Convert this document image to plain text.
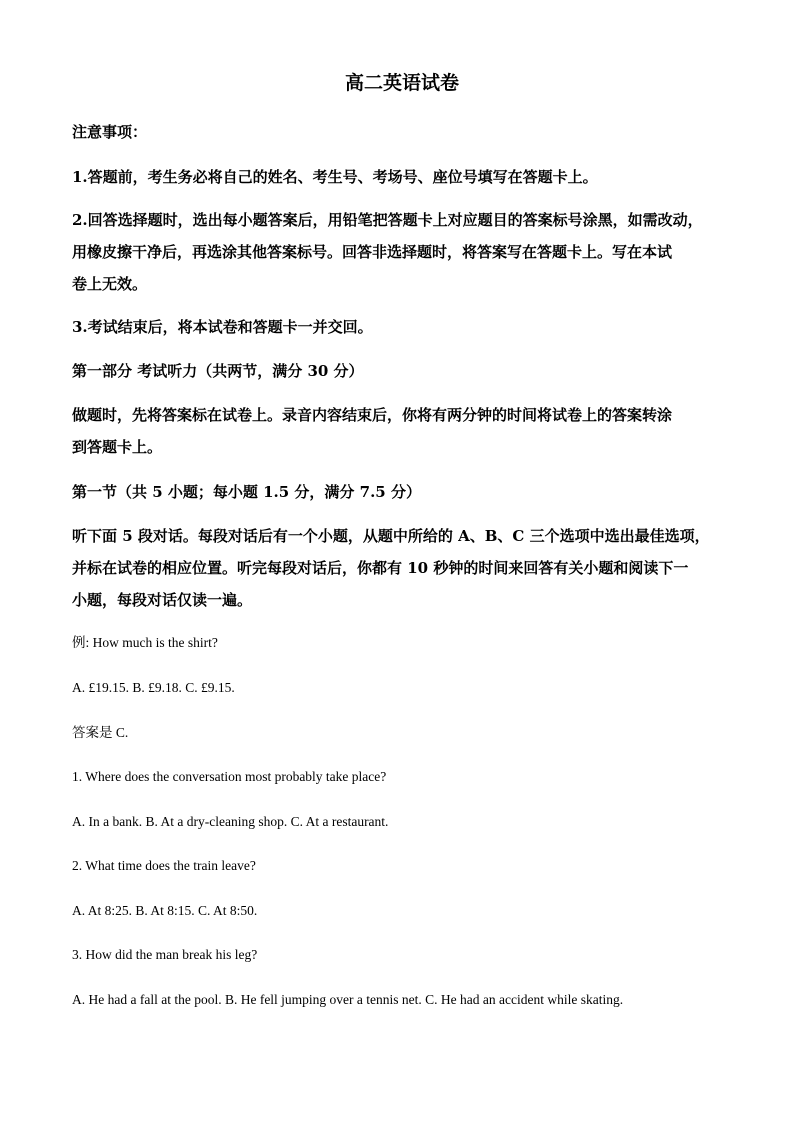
高二英语试卷
注意事项：
1.答题前，考生务必将自己的姓名、考生号、考场号、座位号填写在答题卡上。
2.回答选择题时，选出每小题答案后，用铅笔把答题卡上对应题目的答案标号涂黑，如需改动，
用橡皮擦干净后，再选涂其他答案标号。回答非选择题时，将答案写在答题卡上。写在本试
卷上无效。
3.考试结束后，将本试卷和答题卡一并交回。
第一部分 考试听力（共两节，满分 30 分）
做题时，先将答案标在试卷上。录音内容结束后，你将有两分钟的时间将试卷上的答案转涂
到答题卡上。
第一节（共 5 小题；每小题 1.5 分，满分 7.5 分）
听下面 5 段对话。每段对话后有一个小题，从题中所给的 A、B、C 三个选项中选出最佳选项，
并标在试卷的相应位置。听完每段对话后，你都有 10 秒钟的时间来回答有关小题和阅读下一
小题，每段对话仅读一遍。
例: How much is the shirt?
A. £19.15. B. £9.18. C. £9.15.
答案是 C.
1. Where does the conversation most probably take place?
A. In a bank. B. At a dry-cleaning shop. C. At a restaurant.
2. What time does the train leave?
A. At 8:25. B. At 8:15. C. At 8:50.
3. How did the man break his leg?
A. He had a fall at the pool. B. He fell jumping over a tennis net. C. He had an accident while skating.
